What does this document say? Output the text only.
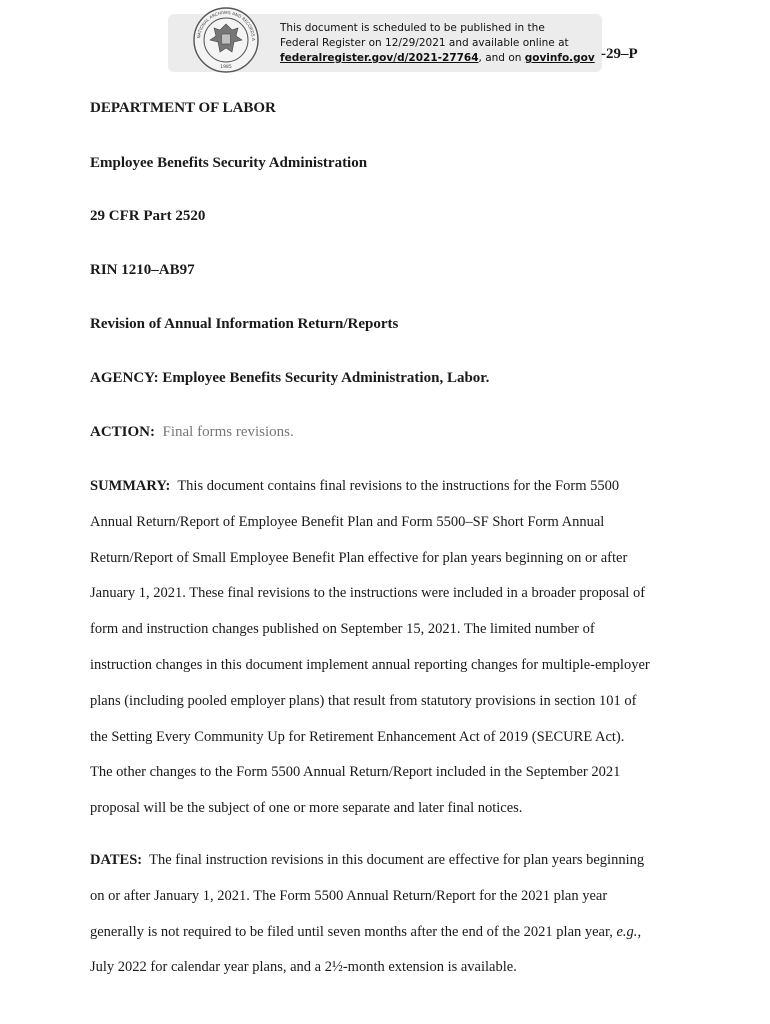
1985
NATIONAL ARCHIVES AND RECORDS A
This document is scheduled to be published in the
Federal Register on 12/29/2021 and available online at
federalregister.gov/d/2021-27764, and on govinfo.gov -29–P
DEPARTMENT OF LABOR
Employee Benefits Security Administration
29 CFR Part 2520
RIN 1210–AB97
Revision of Annual Information Return/Reports
AGENCY: Employee Benefits Security Administration, Labor.
ACTION: Final forms revisions.
SUMMARY: This document contains final revisions to the instructions for the Form 5500
Annual Return/Report of Employee Benefit Plan and Form 5500–SF Short Form Annual
Return/Report of Small Employee Benefit Plan effective for plan years beginning on or after
January 1, 2021. These final revisions to the instructions were included in a broader proposal of
form and instruction changes published on September 15, 2021. The limited number of
instruction changes in this document implement annual reporting changes for multiple-employer
plans (including pooled employer plans) that result from statutory provisions in section 101 of
the Setting Every Community Up for Retirement Enhancement Act of 2019 (SECURE Act).
The other changes to the Form 5500 Annual Return/Report included in the September 2021
proposal will be the subject of one or more separate and later final notices.
DATES: The final instruction revisions in this document are effective for plan years beginning
on or after January 1, 2021. The Form 5500 Annual Return/Report for the 2021 plan year
generally is not required to be filed until seven months after the end of the 2021 plan year, e.g.,
July 2022 for calendar year plans, and a 2½-month extension is available.
